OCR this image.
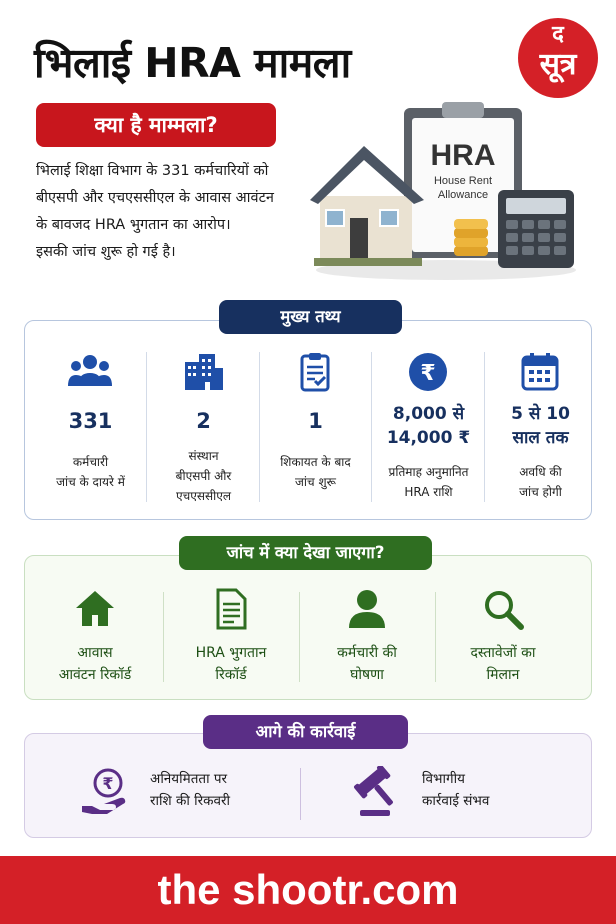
भिलाई HRA मामला
द
सूत्र
क्या है माम्मला?
भिलाई शिक्षा विभाग के 331 कर्मचारियों को
बीएसपी और एचएससीएल के आवास आवंटन
के बावजद HRA भुगतान का आरोप।
इसकी जांच शुरू हो गई है।
HRA
House Rent
Allowance
मुख्य तथ्य
331
कर्मचारी
जांच के दायरे में
2
संस्थान
बीएसपी और
एचएससीएल
1
शिकायत के बाद
जांच शुरू
₹
8,000 से
14,000 ₹
प्रतिमाह अनुमानित
HRA राशि
5 से 10
साल तक
अवधि की
जांच होगी
जांच में क्या देखा जाएगा?
आवास
आवंटन रिकॉर्ड
HRA भुगतान
रिकॉर्ड
कर्मचारी की
घोषणा
दस्तावेजों का
मिलान
आगे की कार्रवाई
₹	अनियमितता पर
राशि की रिकवरी
विभागीय
कार्रवाई संभव
the shootr.com
